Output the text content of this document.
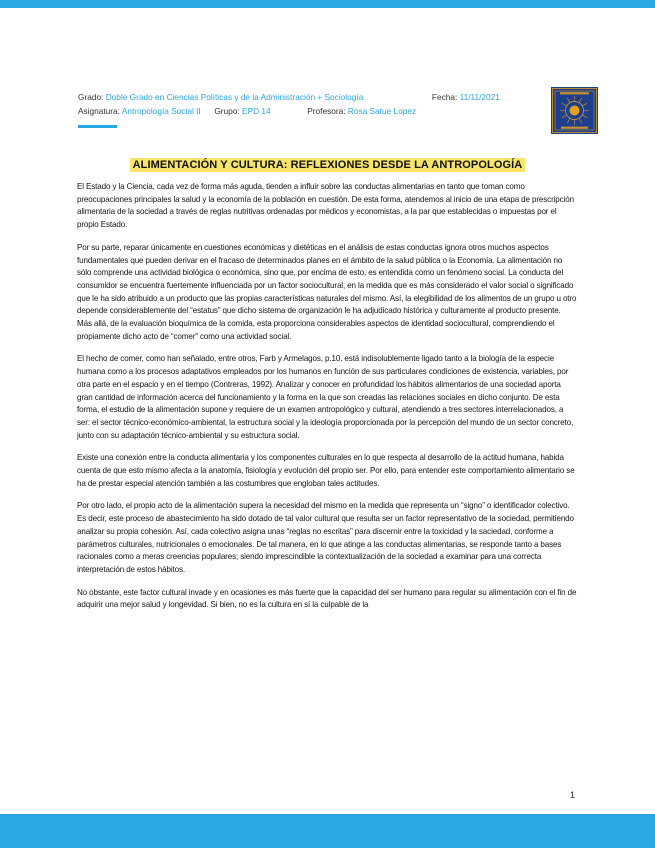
Grado: Doble Grado en Ciencias Políticas y de la Administración + Sociología	Fecha: 11/11/2021
Asignatura: Antropología Social II Grupo: EPD 14	Profesora: Rosa Satue Lopez
ALIMENTACIÓN Y CULTURA: REFLEXIONES DESDE LA ANTROPOLOGÍA

El Estado y la Ciencia, cada vez de forma más aguda, tienden a influir sobre las conductas alimentarias en tanto que toman como preocupaciones principales la salud y la economía de la población en cuestión. De esta forma, atendemos al inicio de una etapa de prescripción alimentaria de la sociedad a través de reglas nutritivas ordenadas por médicos y economistas, a la par que establecidas o impuestas por el propio Estado.

Por su parte, reparar únicamente en cuestiones económicas y dietéticas en el análisis de estas conductas ignora otros muchos aspectos fundamentales que pueden derivar en el fracaso de determinados planes en el ámbito de la salud pública o la Economía. La alimentación no sólo comprende una actividad biológica o económica, sino que, por encima de esto, es entendida como un fenómeno social. La conducta del consumidor se encuentra fuertemente influenciada por un factor sociocultural, en la medida que es más considerado el valor social o significado que le ha sido atribuido a un producto que las propias características naturales del mismo. Así, la elegibilidad de los alimentos de un grupo u otro depende considerablemente del “estatus” que dicho sistema de organización le ha adjudicado histórica y culturamente al producto presente. Más allá, de la evaluación bioquímica de la comida, esta proporciona considerables aspectos de identidad sociocultural, comprendiendo el propiamente dicho acto de “comer” como una actividad social.

El hecho de comer, como han señalado, entre otros, Farb y Armelagos, p.10. está indisolublemente ligado tanto a la biología de la especie humana como a los procesos adaptativos empleados por los humanos en función de sus particulares condiciones de existencia, variables, por otra parte en el espacio y en el tiempo (Contreras, 1992). Analizar y conocer en profundidad los hábitos alimentarios de una sociedad aporta gran cantidad de información acerca del funcionamiento y la forma en la que son creadas las relaciones sociales en dicho conjunto. De esta forma, el estudio de la alimentación supone y requiere de un examen antropológico y cultural, atendiendo a tres sectores interrelacionados, a ser: el sector técnico-económico-ambiental, la estructura social y la ideología proporcionada por la percepción del mundo de un sector concreto, junto con su adaptación técnico-ambiental y su estructura social.

Existe una conexión entre la conducta alimentaria y los componentes culturales en lo que respecta al desarrollo de la actitud humana, habida cuenta de que esto mismo afecta a la anatomía, fisiología y evolución del propio ser. Por ello, para entender este comportamiento alimentario se ha de prestar especial atención también a las costumbres que engloban tales actitudes.

Por otro lado, el propio acto de la alimentación supera la necesidad del mismo en la medida que representa un “signo” o identificador colectivo. Es decir, este proceso de abastecimiento ha sido dotado de tal valor cultural que resulta ser un factor representativo de la sociedad, permitiendo analizar su propia cohesión. Así, cada colectivo asigna unas “reglas no escritas” para discernir entre la toxicidad y la saciedad, conforme a parámetros culturales, nutricionales o emocionales. De tal manera, en lo que atinge a las conductas alimentarias, se responde tanto a bases racionales como a meras creencias populares; siendo imprescindible la contextualización de la sociedad a examinar para una correcta interpretación de estos hábitos.

No obstante, este factor cultural invade y en ocasiones es más fuerte que la capacidad del ser humano para regular su alimentación con el fin de adquirir una mejor salud y longevidad. Si bien, no es la cultura en sí la culpable de la

1
